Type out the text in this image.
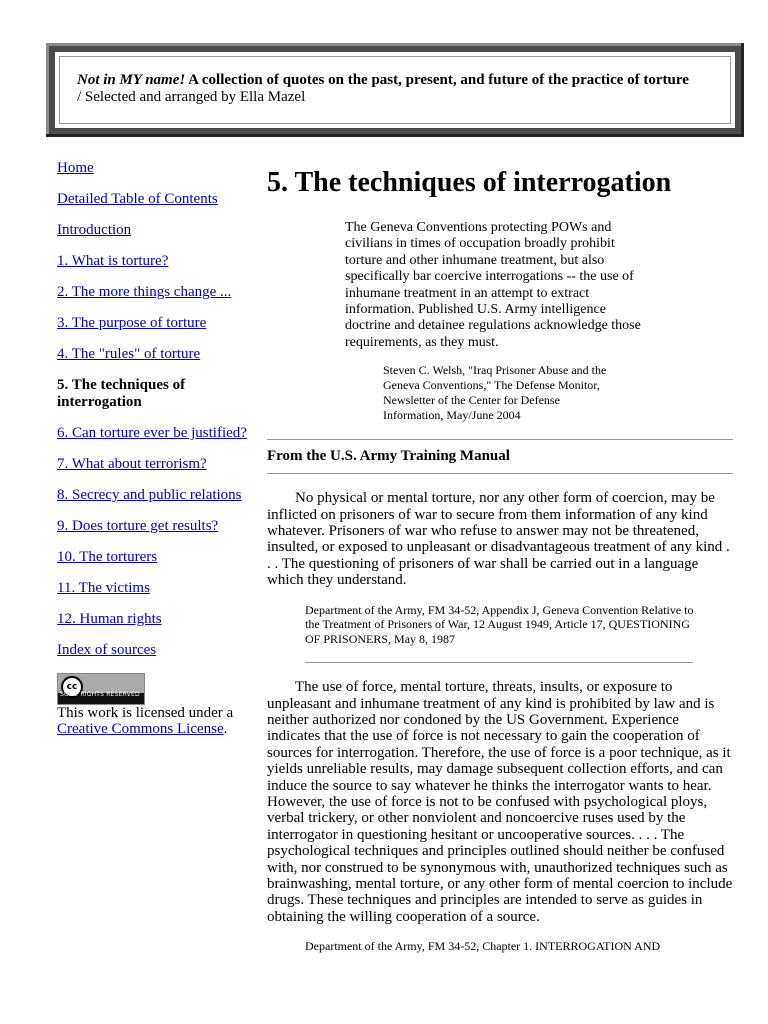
Not in MY name! A collection of quotes on the past, present, and future of the practice of torture
/ Selected and arranged by Ella Mazel
Home
Detailed Table of Contents
Introduction
1. What is torture?
2. The more things change ...
3. The purpose of torture
4. The "rules" of torture
5. The techniques of interrogation
6. Can torture ever be justified?
7. What about terrorism?
8. Secrecy and public relations
9. Does torture get results?
10. The torturers
11. The victims
12. Human rights
Index of sources
cc
SOME RIGHTS RESERVED
This work is licensed under a Creative Commons License.
5. The techniques of interrogation
The Geneva Conventions protecting POWs and civilians in times of occupation broadly prohibit torture and other inhumane treatment, but also specifically bar coercive interrogations -- the use of inhumane treatment in an attempt to extract information. Published U.S. Army intelligence doctrine and detainee regulations acknowledge those requirements, as they must.
Steven C. Welsh, "Iraq Prisoner Abuse and the Geneva Conventions," The Defense Monitor, Newsletter of the Center for Defense Information, May/June 2004
From the U.S. Army Training Manual

No physical or mental torture, nor any other form of coercion, may be inflicted on prisoners of war to secure from them information of any kind whatever. Prisoners of war who refuse to answer may not be threatened, insulted, or exposed to unpleasant or disadvantageous treatment of any kind . . . The questioning of prisoners of war shall be carried out in a language which they understand.

Department of the Army, FM 34-52, Appendix J, Geneva Convention Relative to the Treatment of Prisoners of War, 12 August 1949, Article 17, QUESTIONING OF PRISONERS, May 8, 1987

The use of force, mental torture, threats, insults, or exposure to unpleasant and inhumane treatment of any kind is prohibited by law and is neither authorized nor condoned by the US Government. Experience indicates that the use of force is not necessary to gain the cooperation of sources for interrogation. Therefore, the use of force is a poor technique, as it yields unreliable results, may damage subsequent collection efforts, and can induce the source to say whatever he thinks the interrogator wants to hear. However, the use of force is not to be confused with psychological ploys, verbal trickery, or other nonviolent and noncoercive ruses used by the interrogator in questioning hesitant or uncooperative sources. . . . The psychological techniques and principles outlined should neither be confused with, nor construed to be synonymous with, unauthorized techniques such as brainwashing, mental torture, or any other form of mental coercion to include drugs. These techniques and principles are intended to serve as guides in obtaining the willing cooperation of a source.

Department of the Army, FM 34-52, Chapter 1. INTERROGATION AND
